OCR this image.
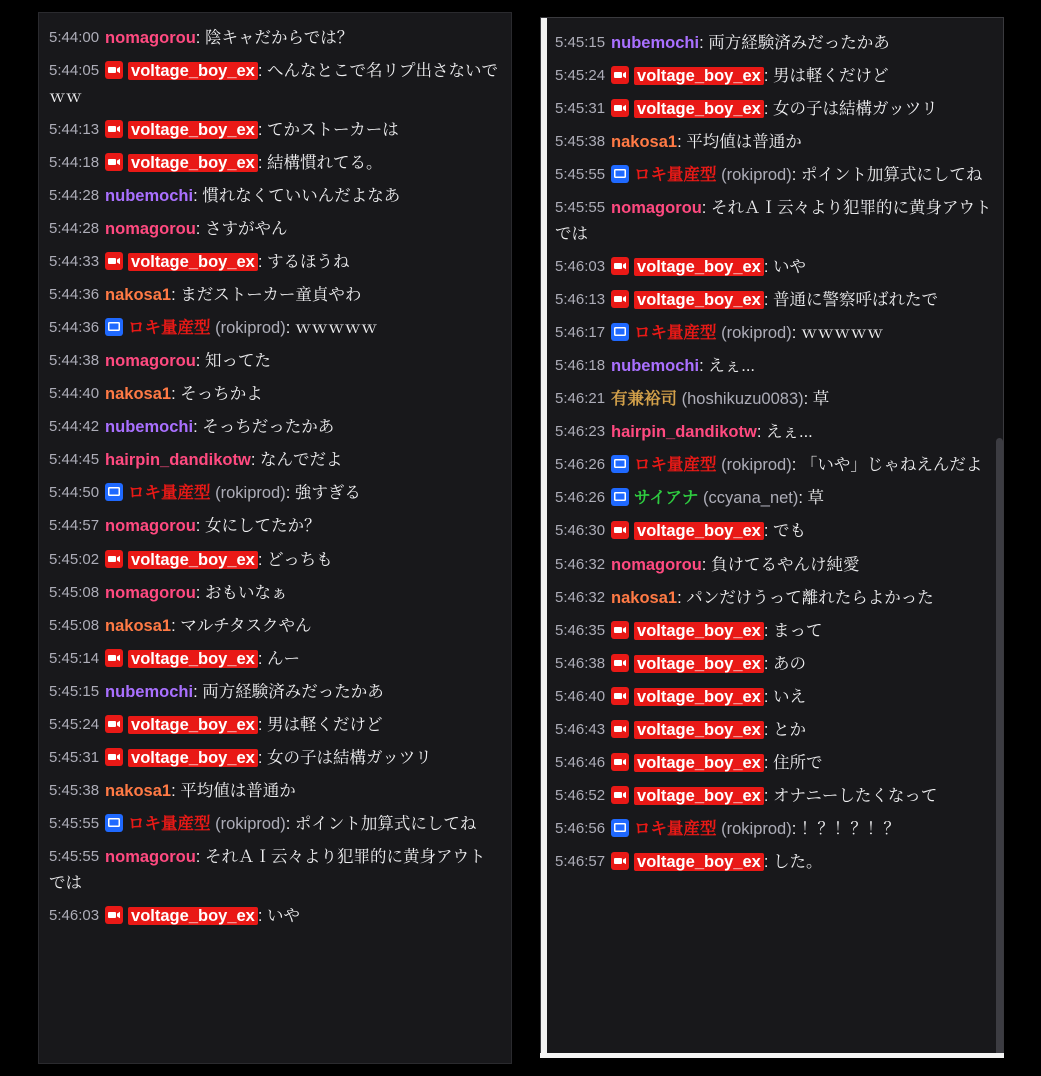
5:44:00 nomagorou: 陰キャだからでは？
5:44:05 voltage_boy_ex : へんなとこで名リプ出さないでｗｗ
5:44:13 voltage_boy_ex : てかストーカーは
5:44:18 voltage_boy_ex : 結構慣れてる。
5:44:28 nubemochi: 慣れなくていいんだよなあ
5:44:28 nomagorou: さすがやん
5:44:33 voltage_boy_ex : するほうね
5:44:36 nakosa1: まだストーカー童貞やわ
5:44:36 ロキ量産型 (rokiprod): ｗｗｗｗｗ
5:44:38 nomagorou: 知ってた
5:44:40 nakosa1: そっちかよ
5:44:42 nubemochi: そっちだったかあ
5:44:45 hairpin_dandikotw: なんでだよ
5:44:50 ロキ量産型 (rokiprod): 強すぎる
5:44:57 nomagorou: 女にしてたか？
5:45:02 voltage_boy_ex : どっちも
5:45:08 nomagorou: おもいなぁ
5:45:08 nakosa1: マルチタスクやん
5:45:14 voltage_boy_ex : んー
5:45:15 nubemochi: 両方経験済みだったかあ
5:45:24 voltage_boy_ex : 男は軽くだけど
5:45:31 voltage_boy_ex : 女の子は結構ガッツリ
5:45:38 nakosa1: 平均値は普通か
5:45:55 ロキ量産型 (rokiprod): ポイント加算式にしてね
5:45:55 nomagorou: それＡＩ云々より犯罪的に黄身アウトでは
5:46:03 voltage_boy_ex : いや
5:45:15 nubemochi: 両方経験済みだったかあ
5:45:24 voltage_boy_ex : 男は軽くだけど
5:45:31 voltage_boy_ex : 女の子は結構ガッツリ
5:45:38 nakosa1: 平均値は普通か
5:45:55 ロキ量産型 (rokiprod): ポイント加算式にしてね
5:45:55 nomagorou: それＡＩ云々より犯罪的に黄身アウトでは
5:46:03 voltage_boy_ex : いや
5:46:13 voltage_boy_ex : 普通に警察呼ばれたで
5:46:17 ロキ量産型 (rokiprod): ｗｗｗｗｗ
5:46:18 nubemochi: えぇ...
5:46:21 有兼裕司 (hoshikuzu0083): 草
5:46:23 hairpin_dandikotw: えぇ...
5:46:26 ロキ量産型 (rokiprod): 「いや」じゃねえんだよ
5:46:26 サイアナ (ccyana_net): 草
5:46:30 voltage_boy_ex : でも
5:46:32 nomagorou: 負けてるやんけ純愛
5:46:32 nakosa1: パンだけうって離れたらよかった
5:46:35 voltage_boy_ex : まって
5:46:38 voltage_boy_ex : あの
5:46:40 voltage_boy_ex : いえ
5:46:43 voltage_boy_ex : とか
5:46:46 voltage_boy_ex : 住所で
5:46:52 voltage_boy_ex : オナニーしたくなって
5:46:56 ロキ量産型 (rokiprod): ！？！？！？
5:46:57 voltage_boy_ex : した。
